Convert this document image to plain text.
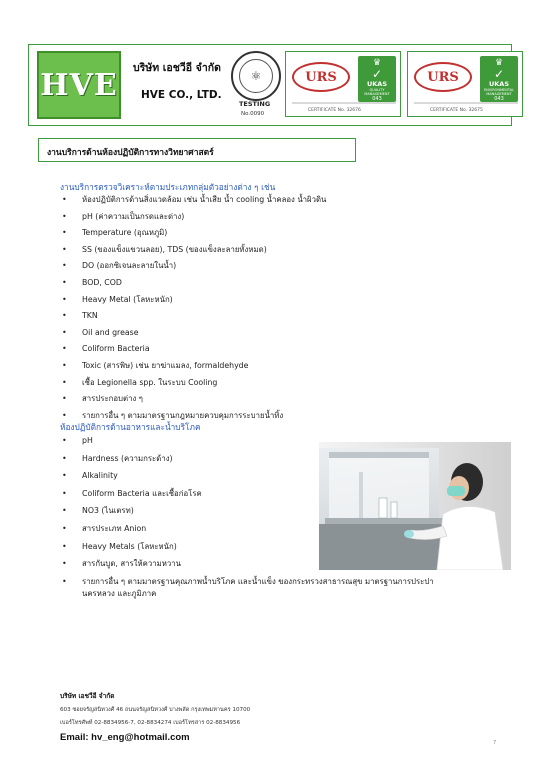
HVE บริษัท เอชวีอี จำกัด
HVE CO., LTD.
⚛
TESTING
No.0090
URS
♛
✓
UKAS
QUALITY MANAGEMENT
043
CERTIFICATE No. 32676
URS
♛
✓
UKAS
ENVIRONMENTAL MANAGEMENT
043
CERTIFICATE No. 32675
งานบริการด้านห้องปฏิบัติการทางวิทยาศาสตร์
งานบริการตรวจวิเคราะห์ตามประเภทกลุ่มตัวอย่างต่าง ๆ เช่น
• ห้องปฏิบัติการด้านสิ่งแวดล้อม เช่น น้ำเสีย น้ำ cooling น้ำคลอง น้ำผิวดิน
• pH (ค่าความเป็นกรดและด่าง)
• Temperature (อุณหภูมิ)
• SS (ของแข็งแขวนลอย), TDS (ของแข็งละลายทั้งหมด)
• DO (ออกซิเจนละลายในน้ำ)
• BOD, COD
• Heavy Metal (โลหะหนัก)
• TKN
• Oil and grease
• Coliform Bacteria
• Toxic (สารพิษ) เช่น ยาฆ่าแมลง, formaldehyde
• เชื้อ Legionella spp. ในระบบ Cooling
• สารประกอบต่าง ๆ
• รายการอื่น ๆ ตามมาตรฐานกฎหมายควบคุมการระบายน้ำทิ้ง
ห้องปฏิบัติการด้านอาหารและน้ำบริโภค
• pH
• Hardness (ความกระด้าง)
• Alkalinity
• Coliform Bacteria และเชื้อก่อโรค
• NO3 (ไนเตรท)
• สารประเภท Anion
• Heavy Metals (โลหะหนัก)
• สารกันบูด, สารให้ความหวาน
• รายการอื่น ๆ ตามมาตรฐานคุณภาพน้ำบริโภค และน้ำแข็ง ของกระทรวงสาธารณสุข มาตรฐานการประปา
นครหลวง และภูมิภาค
บริษัท เอชวีอี จำกัด
603 ซอยจรัญสนิทวงศ์ 46 ถนนจรัญสนิทวงศ์ บางพลัด กรุงเทพมหานคร 10700
เบอร์โทรศัพท์ 02-8834956-7, 02-8834274 เบอร์โทรสาร 02-8834956
Email: hv_eng@hotmail.com	7
